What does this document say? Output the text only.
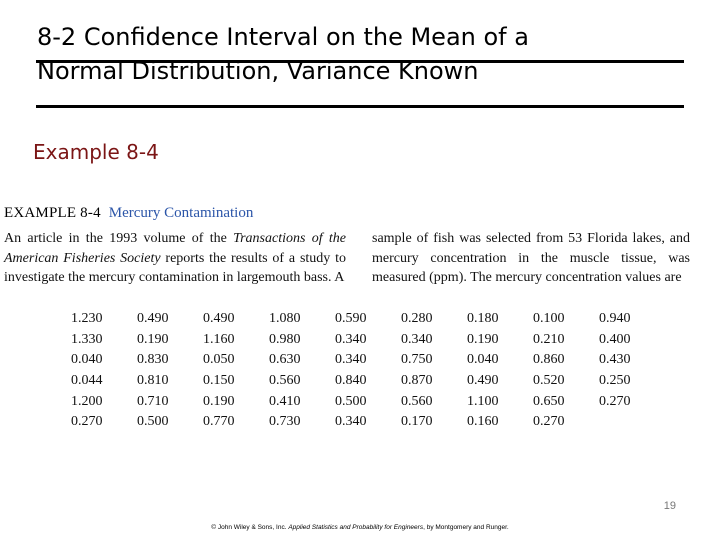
8-2 Confidence Interval on the Mean of a
Normal Distribution, Variance Known
Example 8-4
EXAMPLE 8-4 Mercury Contamination

An article in the 1993 volume of the Transactions of the American Fisheries Society reports the results of a study to investigate the mercury contamination in largemouth bass. A

sample of fish was selected from 53 Florida lakes, and mercury concentration in the muscle tissue, was measured (ppm). The mercury concentration values are

1.230	0.490	0.490	1.080	0.590	0.280	0.180	0.100	0.940
1.330	0.190	1.160	0.980	0.340	0.340	0.190	0.210	0.400
0.040	0.830	0.050	0.630	0.340	0.750	0.040	0.860	0.430
0.044	0.810	0.150	0.560	0.840	0.870	0.490	0.520	0.250
1.200	0.710	0.190	0.410	0.500	0.560	1.100	0.650	0.270
0.270	0.500	0.770	0.730	0.340	0.170	0.160	0.270	
19
© John Wiley & Sons, Inc. Applied Statistics and Probability for Engineers, by Montgomery and Runger.
